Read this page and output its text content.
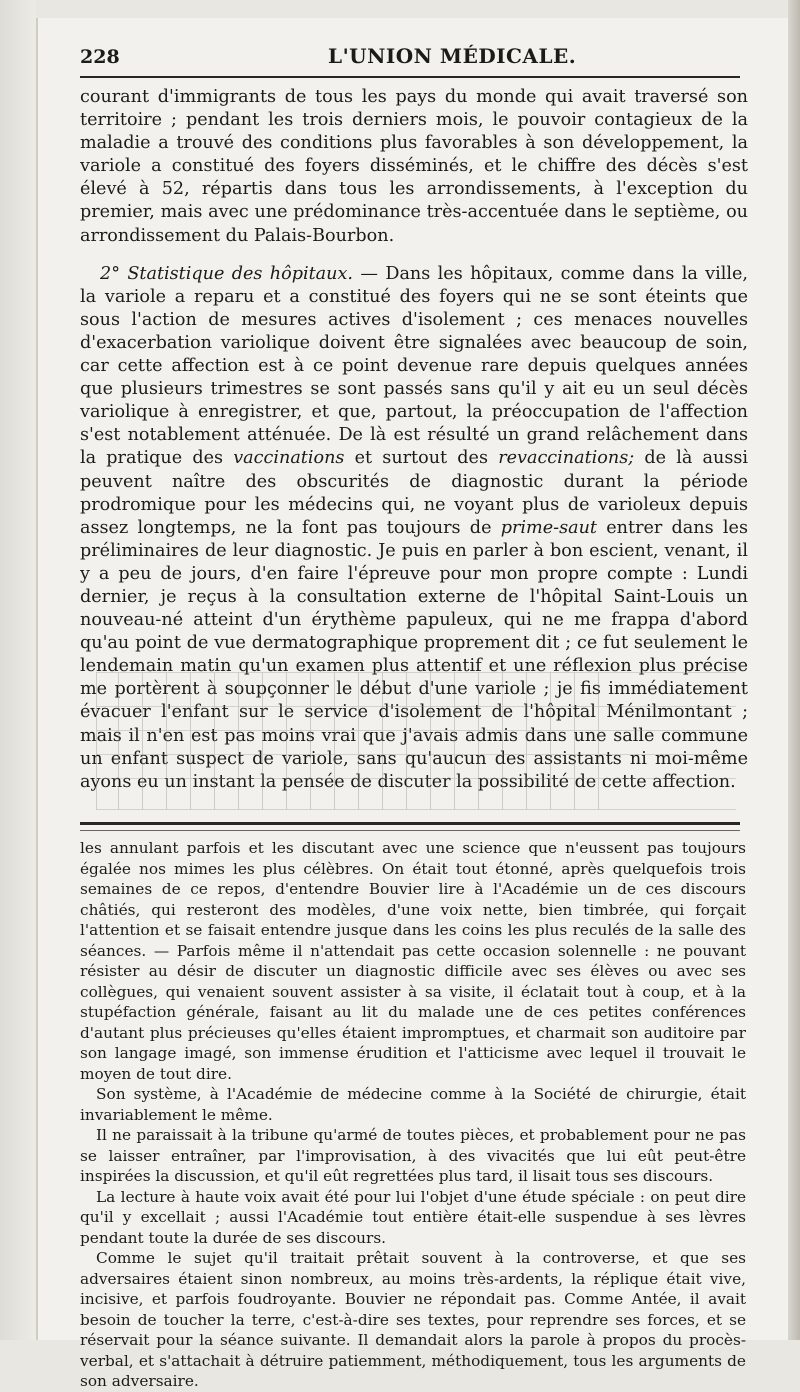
228	L'UNION MÉDICALE.

courant d'immigrants de tous les pays du monde qui avait traversé son territoire ; pendant les trois derniers mois, le pouvoir contagieux de la maladie a trouvé des conditions plus favorables à son développement, la variole a constitué des foyers disséminés, et le chiffre des décès s'est élevé à 52, répartis dans tous les arrondissements, à l'exception du premier, mais avec une prédominance très-accentuée dans le septième, ou arrondissement du Palais-Bourbon.

2° Statistique des hôpitaux. — Dans les hôpitaux, comme dans la ville, la variole a reparu et a constitué des foyers qui ne se sont éteints que sous l'action de mesures actives d'isolement ; ces menaces nouvelles d'exacerbation variolique doivent être signalées avec beaucoup de soin, car cette affection est à ce point devenue rare depuis quelques années que plusieurs trimestres se sont passés sans qu'il y ait eu un seul décès variolique à enregistrer, et que, partout, la préoccupation de l'affection s'est notablement atténuée. De là est résulté un grand relâchement dans la pratique des vaccinations et surtout des revaccinations; de là aussi peuvent naître des obscurités de diagnostic durant la période prodromique pour les médecins qui, ne voyant plus de varioleux depuis assez longtemps, ne la font pas toujours de prime-saut entrer dans les préliminaires de leur diagnostic. Je puis en parler à bon escient, venant, il y a peu de jours, d'en faire l'épreuve pour mon propre compte : Lundi dernier, je reçus à la consultation externe de l'hôpital Saint-Louis un nouveau-né atteint d'un érythème papuleux, qui ne me frappa d'abord qu'au point de vue dermatographique proprement dit ; ce fut seulement le lendemain matin qu'un examen plus attentif et une réflexion plus précise me portèrent à soupçonner le début d'une variole ; je fis immédiatement évacuer l'enfant sur le service d'isolement de l'hôpital Ménilmontant ; mais il n'en est pas moins vrai que j'avais admis dans une salle commune un enfant suspect de variole, sans qu'aucun des assistants ni moi-même ayons eu un instant la pensée de discuter la possibilité de cette affection.

les annulant parfois et les discutant avec une science que n'eussent pas toujours égalée nos mimes les plus célèbres. On était tout étonné, après quelquefois trois semaines de ce repos, d'entendre Bouvier lire à l'Académie un de ces discours châtiés, qui resteront des modèles, d'une voix nette, bien timbrée, qui forçait l'attention et se faisait entendre jusque dans les coins les plus reculés de la salle des séances. — Parfois même il n'attendait pas cette occasion solennelle : ne pouvant résister au désir de discuter un diagnostic difficile avec ses élèves ou avec ses collègues, qui venaient souvent assister à sa visite, il éclatait tout à coup, et à la stupéfaction générale, faisant au lit du malade une de ces petites conférences d'autant plus précieuses qu'elles étaient impromptues, et charmait son auditoire par son langage imagé, son immense érudition et l'atticisme avec lequel il trouvait le moyen de tout dire.

Son système, à l'Académie de médecine comme à la Société de chirurgie, était invariablement le même.

Il ne paraissait à la tribune qu'armé de toutes pièces, et probablement pour ne pas se laisser entraîner, par l'improvisation, à des vivacités que lui eût peut-être inspirées la discussion, et qu'il eût regrettées plus tard, il lisait tous ses discours.

La lecture à haute voix avait été pour lui l'objet d'une étude spéciale : on peut dire qu'il y excellait ; aussi l'Académie tout entière était-elle suspendue à ses lèvres pendant toute la durée de ses discours.

Comme le sujet qu'il traitait prêtait souvent à la controverse, et que ses adversaires étaient sinon nombreux, au moins très-ardents, la réplique était vive, incisive, et parfois foudroyante. Bouvier ne répondait pas. Comme Antée, il avait besoin de toucher la terre, c'est-à-dire ses textes, pour reprendre ses forces, et se réservait pour la séance suivante. Il demandait alors la parole à propos du procès-verbal, et s'attachait à détruire patiemment, méthodiquement, tous les arguments de son adversaire.
